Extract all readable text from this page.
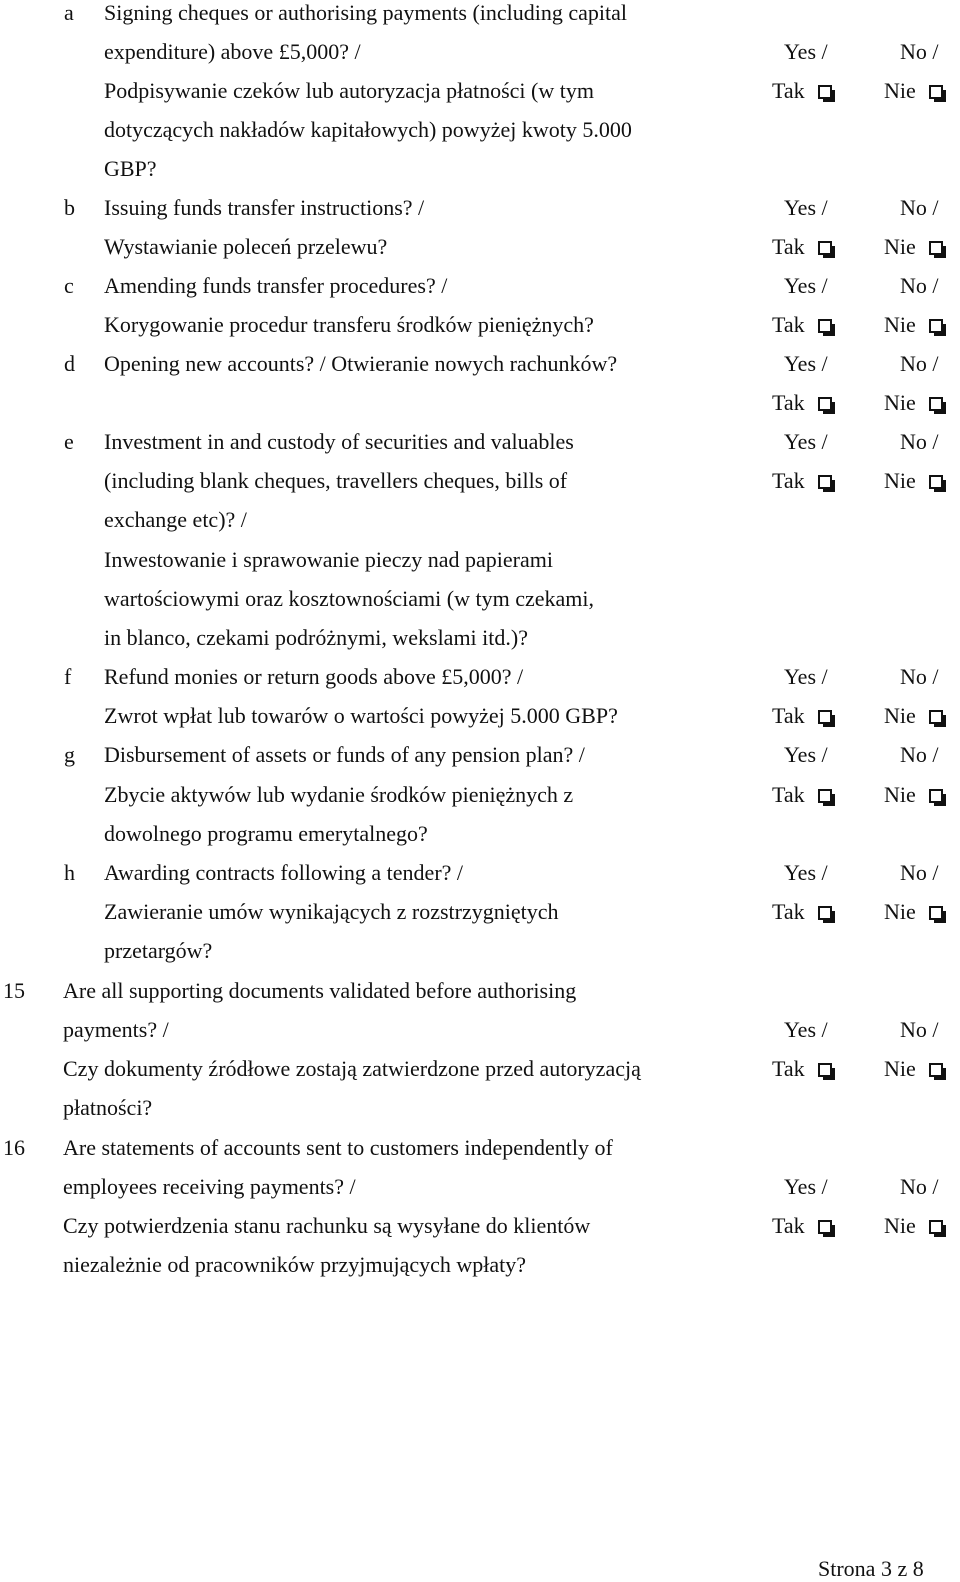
a Signing cheques or authorising payments (including capital
expenditure) above £5,000? /
Podpisywanie czeków lub autoryzacja płatności (w tym
dotyczących nakładów kapitałowych) powyżej kwoty 5.000
GBP?
Yes /	No /
Tak	Nie
b Issuing funds transfer instructions? /
Wystawianie poleceń przelewu?
Yes /	No /
Tak	Nie
c Amending funds transfer procedures? /
Korygowanie procedur transferu środków pieniężnych?
Yes /	No /
Tak	Nie
d Opening new accounts? / Otwieranie nowych rachunków?	Yes /	No /
Tak	Nie
e Investment in and custody of securities and valuables
(including blank cheques, travellers cheques, bills of
exchange etc)? /
Inwestowanie i sprawowanie pieczy nad papierami
wartościowymi oraz kosztownościami (w tym czekami,
in blanco, czekami podróżnymi, wekslami itd.)?
Yes /	No /
Tak	Nie
f Refund monies or return goods above £5,000? /
Zwrot wpłat lub towarów o wartości powyżej 5.000 GBP?
Yes /	No /
Tak	Nie
g Disbursement of assets or funds of any pension plan? /
Zbycie aktywów lub wydanie środków pieniężnych z
dowolnego programu emerytalnego?
Yes /	No /
Tak	Nie
h Awarding contracts following a tender? /
Zawieranie umów wynikających z rozstrzygniętych
przetargów?
Yes /	No /
Tak	Nie
15 Are all supporting documents validated before authorising
payments? /
Czy dokumenty źródłowe zostają zatwierdzone przed autoryzacją
płatności?
Yes /	No /
Tak	Nie
16 Are statements of accounts sent to customers independently of
employees receiving payments? /
Czy potwierdzenia stanu rachunku są wysyłane do klientów
niezależnie od pracowników przyjmujących wpłaty?
Yes /	No /
Tak	Nie
Strona 3 z 8
